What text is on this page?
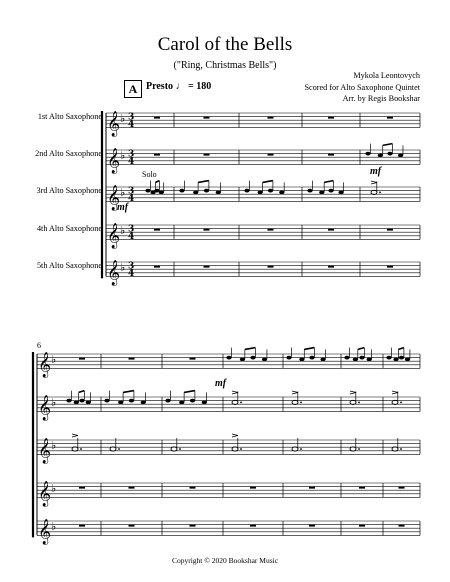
Carol of the Bells
("Ring, Christmas Bells")
Mykola Leontovych
Scored for Alto Saxophone Quintet
Arr. by Regis Bookshar
A Presto ♩ = 180
1st Alto Saxophone
2nd Alto Saxophone
3rd Alto Saxophone
4th Alto Saxophone
5th Alto Saxophone
Solo
mf
mf
mf
6
𝄞 ♭ 3
4
𝄞 ♭ 3
4
𝄞 ♭ 3
4
𝄞 ♭ 3
4
𝄞 ♭ 3
4
𝄞 ♭
𝄞 ♭
𝄞 ♭
𝄞 ♭
𝄞 ♭
Copyright © 2020 Bookshar Music
